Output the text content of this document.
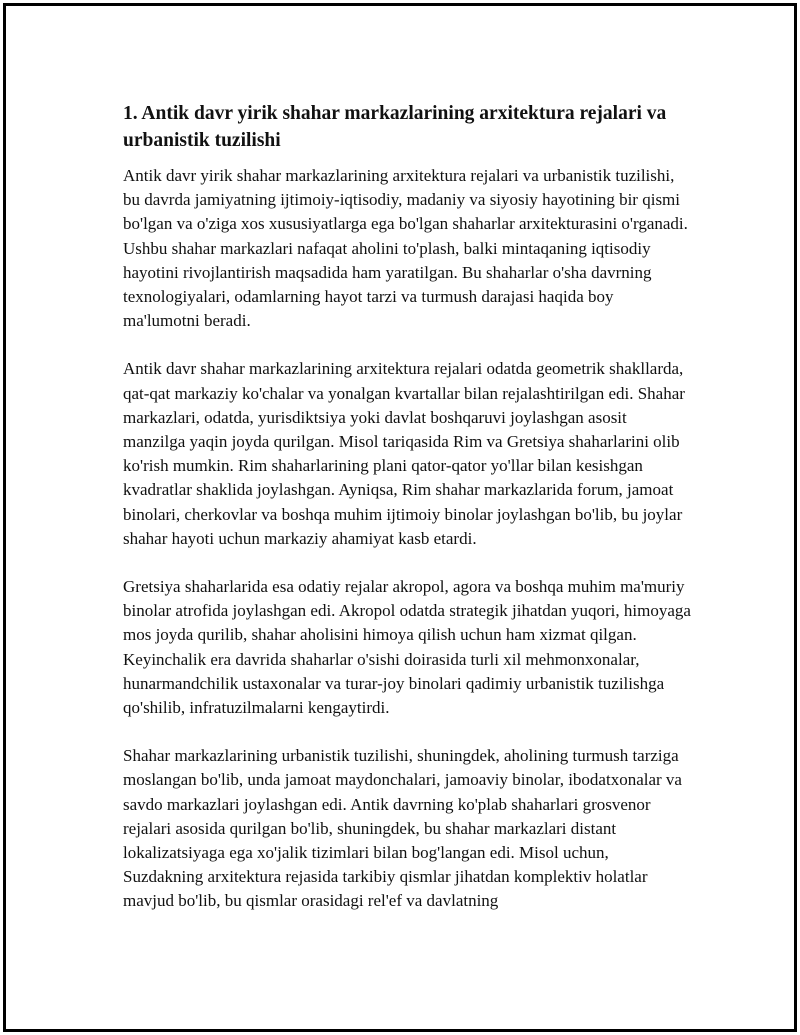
1. Antik davr yirik shahar markazlarining arxitektura rejalari va urbanistik tuzilishi

Antik davr yirik shahar markazlarining arxitektura rejalari va urbanistik tuzilishi, bu davrda jamiyatning ijtimoiy-iqtisodiy, madaniy va siyosiy hayotining bir qismi bo'lgan va o'ziga xos xususiyatlarga ega bo'lgan shaharlar arxitekturasini o'rganadi. Ushbu shahar markazlari nafaqat aholini to'plash, balki mintaqaning iqtisodiy hayotini rivojlantirish maqsadida ham yaratilgan. Bu shaharlar o'sha davrning texnologiyalari, odamlarning hayot tarzi va turmush darajasi haqida boy ma'lumotni beradi.

Antik davr shahar markazlarining arxitektura rejalari odatda geometrik shakllarda, qat-qat markaziy ko'chalar va yonalgan kvartallar bilan rejalashtirilgan edi. Shahar markazlari, odatda, yurisdiktsiya yoki davlat boshqaruvi joylashgan asosit manzilga yaqin joyda qurilgan. Misol tariqasida Rim va Gretsiya shaharlarini olib ko'rish mumkin. Rim shaharlarining plani qator-qator yo'llar bilan kesishgan kvadratlar shaklida joylashgan. Ayniqsa, Rim shahar markazlarida forum, jamoat binolari, cherkovlar va boshqa muhim ijtimoiy binolar joylashgan bo'lib, bu joylar shahar hayoti uchun markaziy ahamiyat kasb etardi.

Gretsiya shaharlarida esa odatiy rejalar akropol, agora va boshqa muhim ma'muriy binolar atrofida joylashgan edi. Akropol odatda strategik jihatdan yuqori, himoyaga mos joyda qurilib, shahar aholisini himoya qilish uchun ham xizmat qilgan. Keyinchalik era davrida shaharlar o'sishi doirasida turli xil mehmonxonalar, hunarmandchilik ustaxonalar va turar-joy binolari qadimiy urbanistik tuzilishga qo'shilib, infratuzilmalarni kengaytirdi.

Shahar markazlarining urbanistik tuzilishi, shuningdek, aholining turmush tarziga moslangan bo'lib, unda jamoat maydonchalari, jamoaviy binolar, ibodatxonalar va savdo markazlari joylashgan edi. Antik davrning ko'plab shaharlari grosvenor rejalari asosida qurilgan bo'lib, shuningdek, bu shahar markazlari distant lokalizatsiyaga ega xo'jalik tizimlari bilan bog'langan edi. Misol uchun, Suzdakning arxitektura rejasida tarkibiy qismlar jihatdan komplektiv holatlar mavjud bo'lib, bu qismlar orasidagi rel'ef va davlatning
